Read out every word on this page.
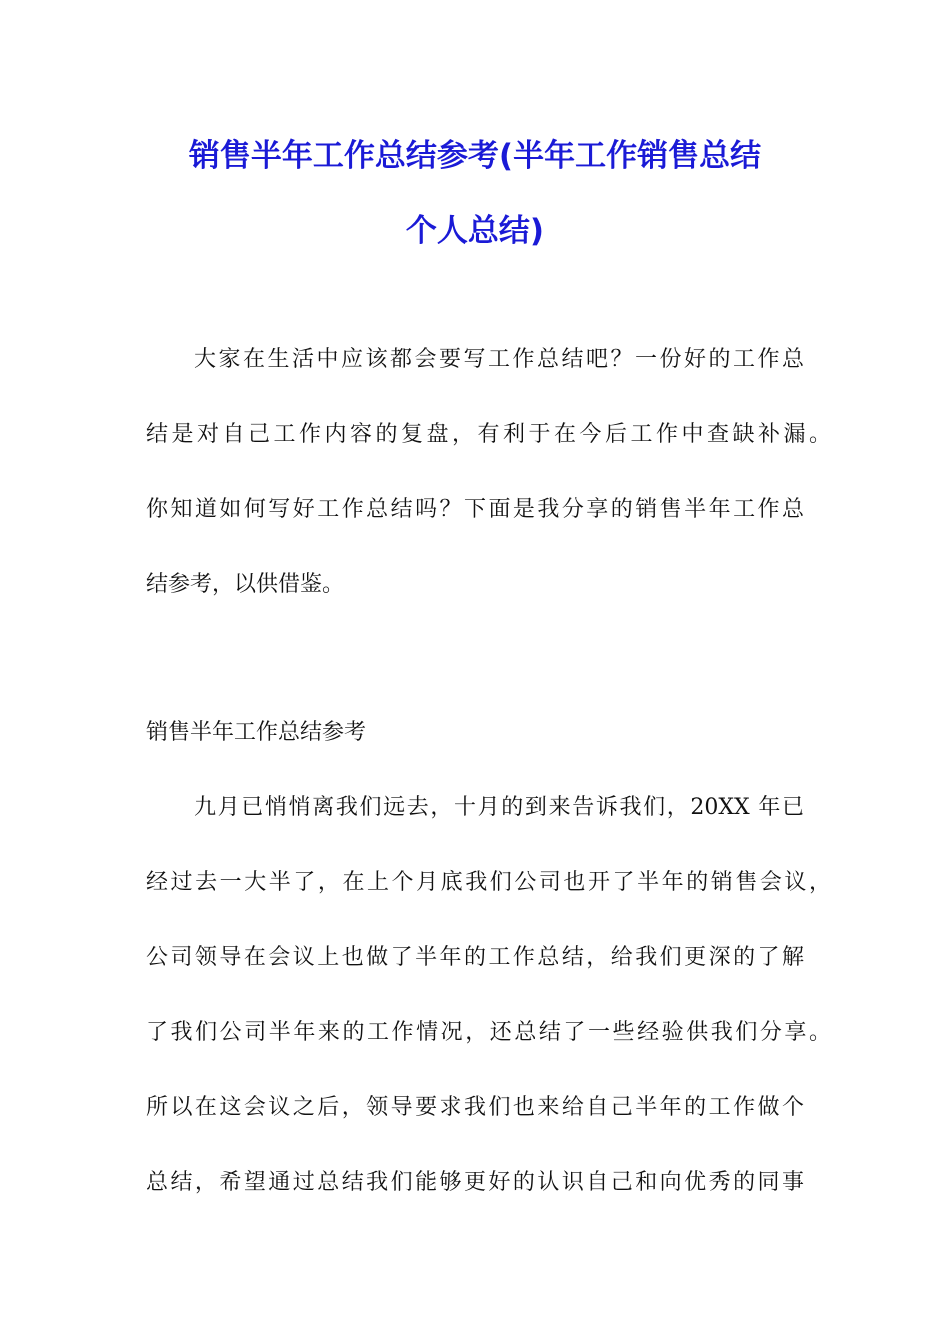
销售半年工作总结参考(半年工作销售总结
个人总结)
大家在生活中应该都会要写工作总结吧？一份好的工作总
结是对自己工作内容的复盘，有利于在今后工作中查缺补漏。
你知道如何写好工作总结吗？下面是我分享的销售半年工作总
结参考，以供借鉴。
销售半年工作总结参考
九月已悄悄离我们远去，十月的到来告诉我们，20XX 年已
经过去一大半了，在上个月底我们公司也开了半年的销售会议，
公司领导在会议上也做了半年的工作总结，给我们更深的了解
了我们公司半年来的工作情况，还总结了一些经验供我们分享。
所以在这会议之后，领导要求我们也来给自己半年的工作做个
总结，希望通过总结我们能够更好的认识自己和向优秀的同事
